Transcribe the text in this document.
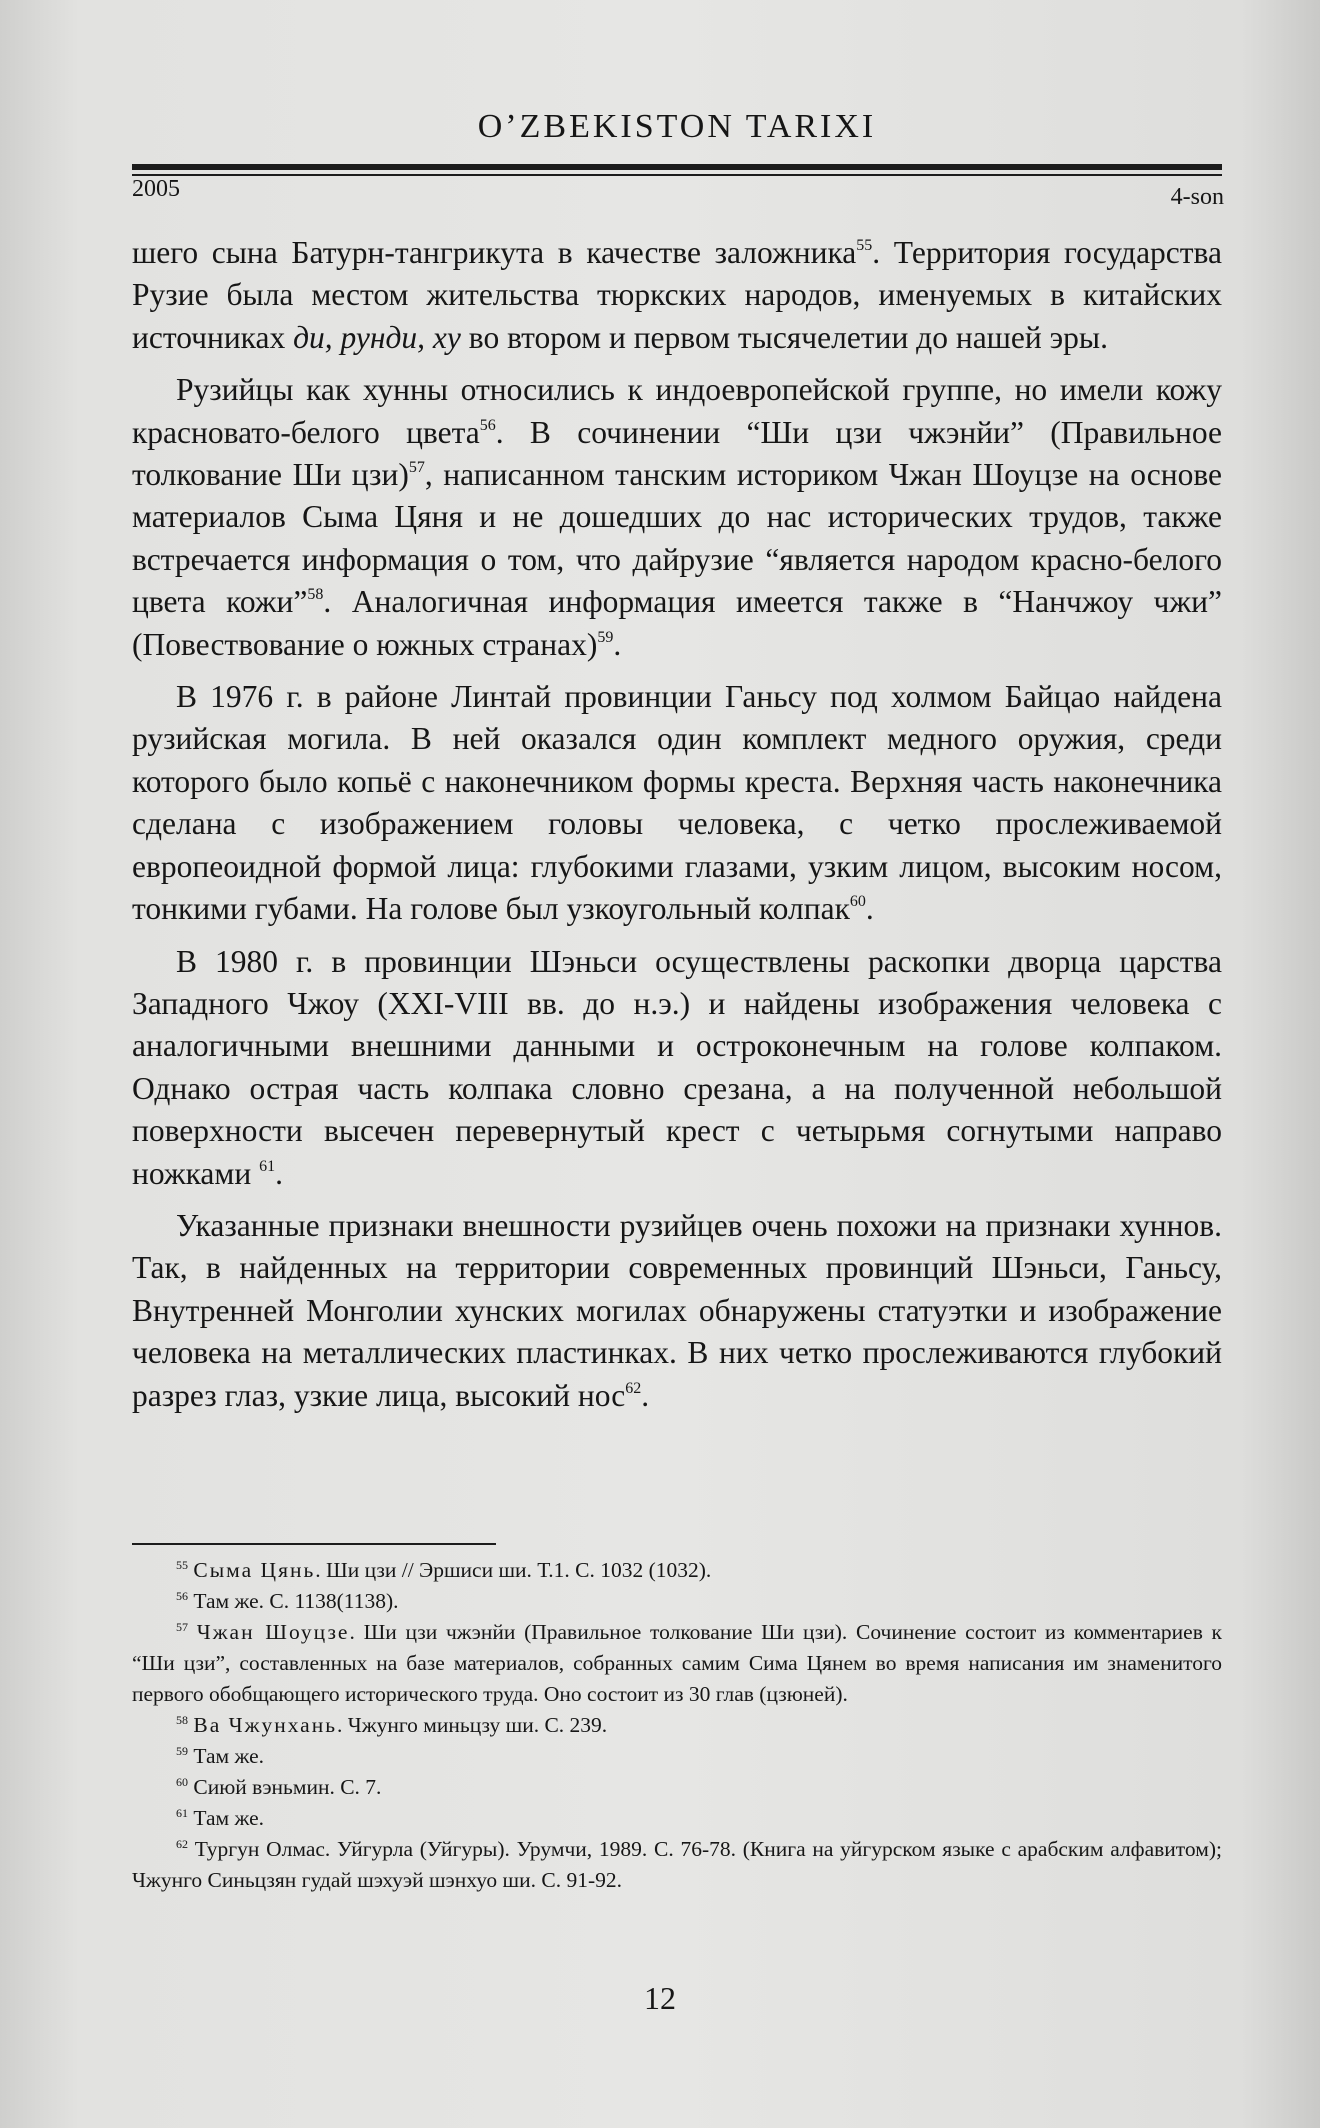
O’ZBEKISTON TARIXI
2005	4-son

шего сына Батурн-тангрикута в качестве заложника$^{55}$. Территория государства Рузие была местом жительства тюркских народов, именуемых в китайских источниках ди, рунди, ху во втором и первом тысячелетии до нашей эры.

Рузийцы как хунны относились к индоевропейской группе, но имели кожу красновато-белого цвета$^{56}$. В сочинении “Ши цзи чжэнйи” (Правильное толкование Ши цзи)$^{57}$, написанном танским историком Чжан Шоуцзе на основе материалов Сыма Цяня и не дошедших до нас исторических трудов, также встречается информация о том, что дайрузие “является народом красно-белого цвета кожи”$^{58}$. Аналогичная информация имеется также в “Нанчжоу чжи” (Повествование о южных странах)$^{59}$.

В 1976 г. в районе Линтай провинции Ганьсу под холмом Байцао найдена рузийская могила. В ней оказался один комплект медного оружия, среди которого было копьё с наконечником формы креста. Верхняя часть наконечника сделана с изображением головы человека, с четко прослеживаемой европеоидной формой лица: глубокими глазами, узким лицом, высоким носом, тонкими губами. На голове был узкоугольный колпак$^{60}$.

В 1980 г. в провинции Шэньси осуществлены раскопки дворца царства Западного Чжоу (XXI-VIII вв. до н.э.) и найдены изображения человека с аналогичными внешними данными и остроконечным на голове колпаком. Однако острая часть колпака словно срезана, а на полученной небольшой поверхности высечен перевернутый крест с четырьмя согнутыми направо ножками $^{61}$.

Указанные признаки внешности рузийцев очень похожи на признаки хуннов. Так, в найденных на территории современных провинций Шэньси, Ганьсу, Внутренней Монголии хунских могилах обнаружены статуэтки и изображение человека на металлических пластинках. В них четко прослеживаются глубокий разрез глаз, узкие лица, высокий нос$^{62}$.

$^{55}$ Сыма Цянь. Ши цзи // Эршиси ши. Т.1. С. 1032 (1032).

$^{56}$ Там же. С. 1138(1138).

$^{57}$ Чжан Шоуцзе. Ши цзи чжэнйи (Правильное толкование Ши цзи). Сочинение состоит из комментариев к “Ши цзи”, составленных на базе материалов, собранных самим Сима Цянем во время написания им знаменитого первого обобщающего исторического труда. Оно состоит из 30 глав (цзюней).

$^{58}$ Ва Чжунхань. Чжунго миньцзу ши. С. 239.

$^{59}$ Там же.

$^{60}$ Сиюй вэньмин. С. 7.

$^{61}$ Там же.

$^{62}$ Тургун Олмас. Уйгурла (Уйгуры). Урумчи, 1989. С. 76-78. (Книга на уйгурском языке с арабским алфавитом); Чжунго Синьцзян гудай шэхуэй шэнхуо ши. С. 91-92.

12
